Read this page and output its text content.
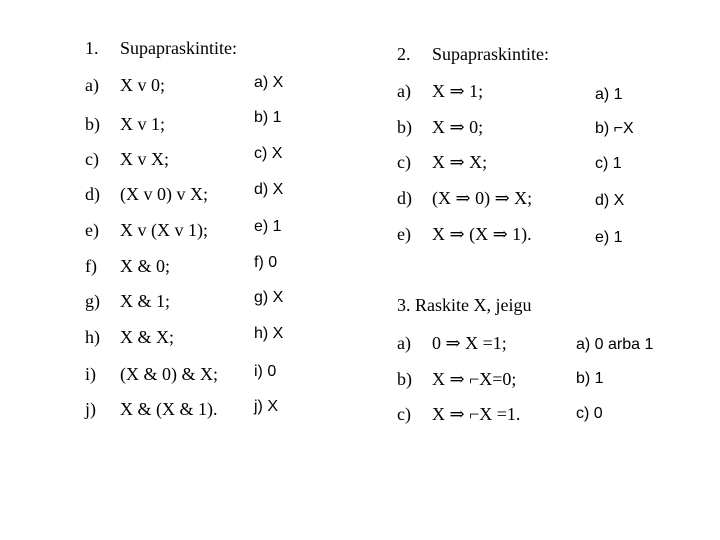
1. Supapraskintite:
a) X v 0;	a) X
b) X v 1;	b) 1
c) X v X;	c) X
d) (X v 0) v X;	d) X
e) X v (X v 1);	e) 1
f) X & 0;	f) 0
g) X & 1;	g) X
h) X & X;	h) X
i) (X & 0) & X; i) 0
j) X & (X & 1). j) X
2. Supapraskintite:
a) X ⇒ 1;	a) 1
b) X ⇒ 0;	b) ⌐X
c) X ⇒ X;	c) 1
d) (X ⇒ 0) ⇒ X;	d) X
e) X ⇒ (X ⇒ 1).	e) 1
3. Raskite X, jeigu
a) 0 ⇒ X =1;	a) 0 arba 1
b) X ⇒ ⌐X=0;	b) 1
c) X ⇒ ⌐X =1.	c) 0
